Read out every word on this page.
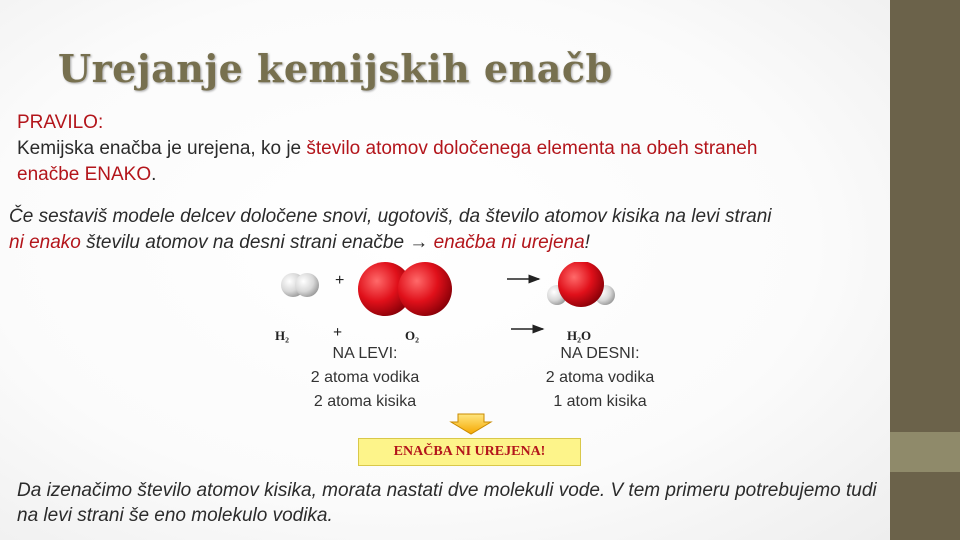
Urejanje kemijskih enačb
PRAVILO:
Kemijska enačba je urejena, ko je število atomov določenega elementa na obeh straneh
enačbe ENAKO.
Če sestaviš modele delcev določene snovi, ugotoviš, da število atomov kisika na levi strani
ni enako številu atomov na desni strani enačbe → enačba ni urejena!
+
H₂	+	O₂	H₂O
NA LEVI:
2 atoma vodika
2 atoma kisika
NA DESNI:
2 atoma vodika
1 atom kisika
ENAČBA NI UREJENA!
Da izenačimo število atomov kisika, morata nastati dve molekuli vode. V tem primeru potrebujemo tudi na levi strani še eno molekulo vodika.
